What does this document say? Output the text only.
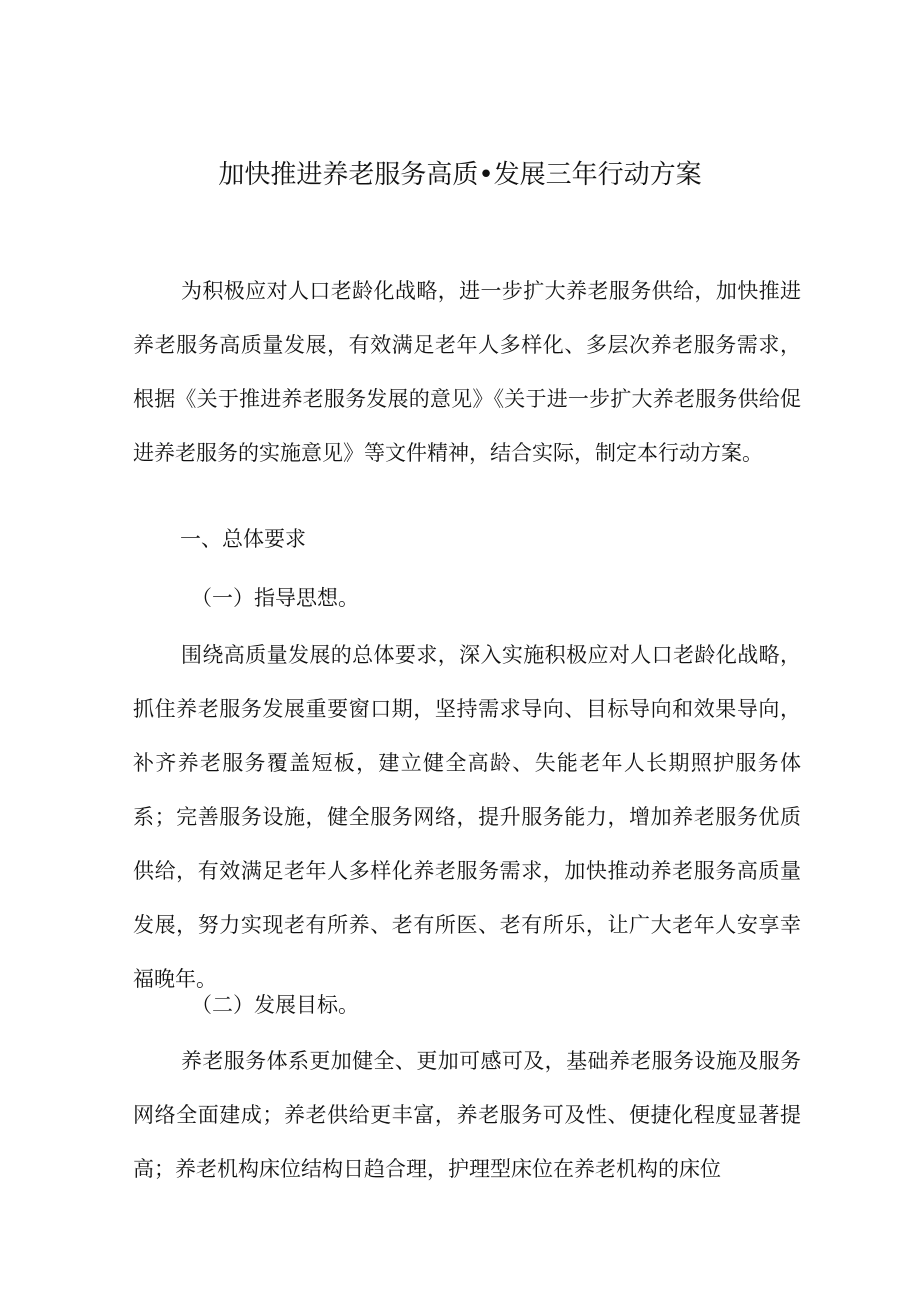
加快推进养老服务高质•发展三年行动方案

为积极应对人口老龄化战略，进一步扩大养老服务供给，加快推进养老服务高质量发展，有效满足老年人多样化、多层次养老服务需求，根据《关于推进养老服务发展的意见》《关于进一步扩大养老服务供给促进养老服务的实施意见》等文件精神，结合实际，制定本行动方案。

一、总体要求

（一）指导思想。

围绕高质量发展的总体要求，深入实施积极应对人口老龄化战略，抓住养老服务发展重要窗口期，坚持需求导向、目标导向和效果导向，补齐养老服务覆盖短板，建立健全高龄、失能老年人长期照护服务体系；完善服务设施，健全服务网络，提升服务能力，增加养老服务优质供给，有效满足老年人多样化养老服务需求，加快推动养老服务高质量发展，努力实现老有所养、老有所医、老有所乐，让广大老年人安享幸福晚年。

（二）发展目标。

养老服务体系更加健全、更加可感可及，基础养老服务设施及服务网络全面建成；养老供给更丰富，养老服务可及性、便捷化程度显著提高；养老机构床位结构日趋合理，护理型床位在养老机构的床位
